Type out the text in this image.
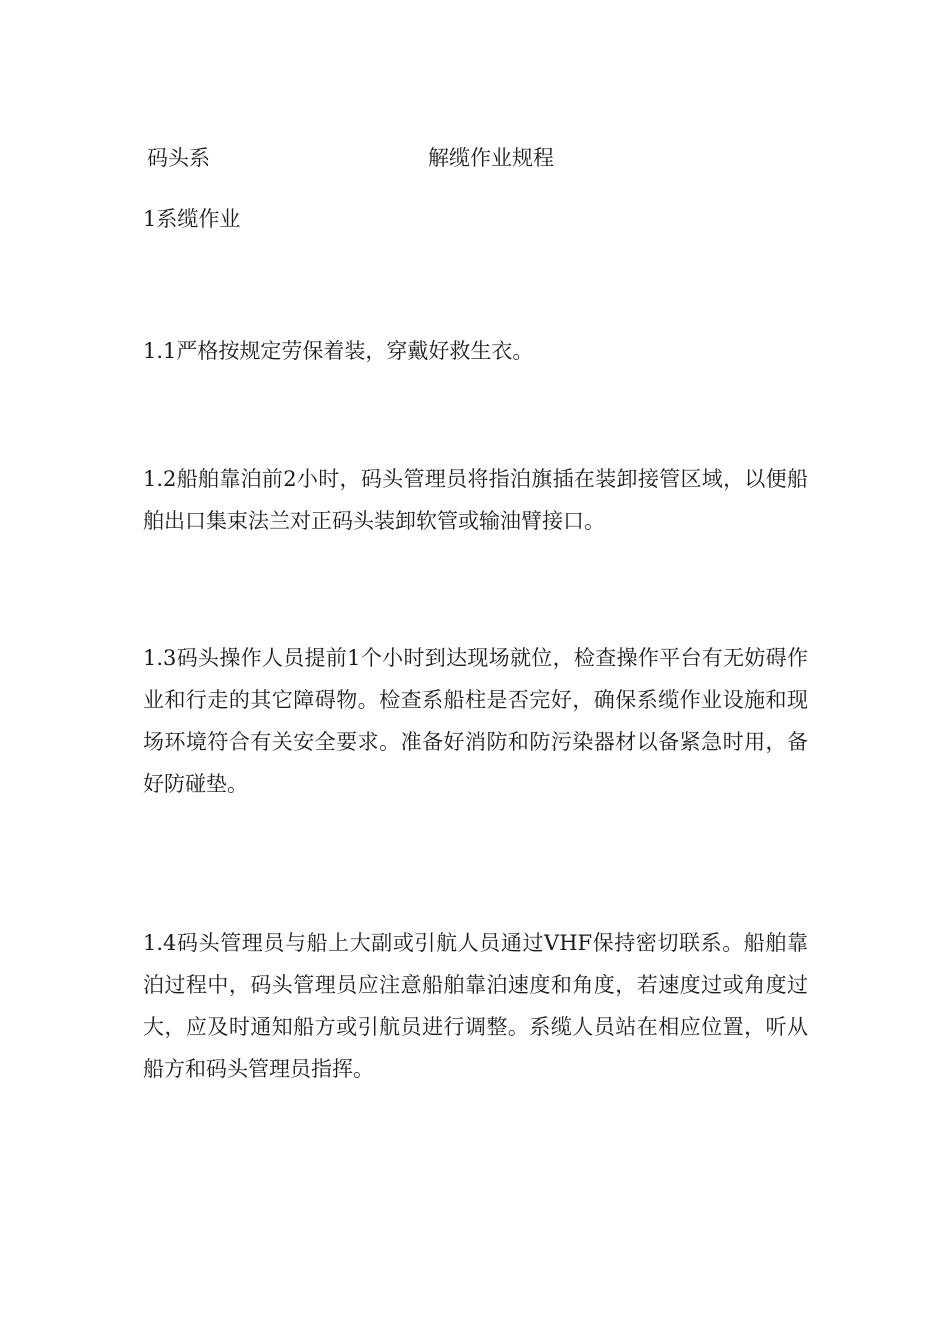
码头系	解缆作业规程
1系缆作业

1.1严格按规定劳保着装，穿戴好救生衣。

1.2船舶靠泊前2小时，码头管理员将指泊旗插在装卸接管区域，以便船舶出口集束法兰对正码头装卸软管或输油臂接口。

1.3码头操作人员提前1个小时到达现场就位，检查操作平台有无妨碍作业和行走的其它障碍物。检查系船柱是否完好，确保系缆作业设施和现场环境符合有关安全要求。准备好消防和防污染器材以备紧急时用，备好防碰垫。

1.4码头管理员与船上大副或引航人员通过VHF保持密切联系。船舶靠泊过程中，码头管理员应注意船舶靠泊速度和角度，若速度过或角度过大，应及时通知船方或引航员进行调整。系缆人员站在相应位置，听从船方和码头管理员指挥。
